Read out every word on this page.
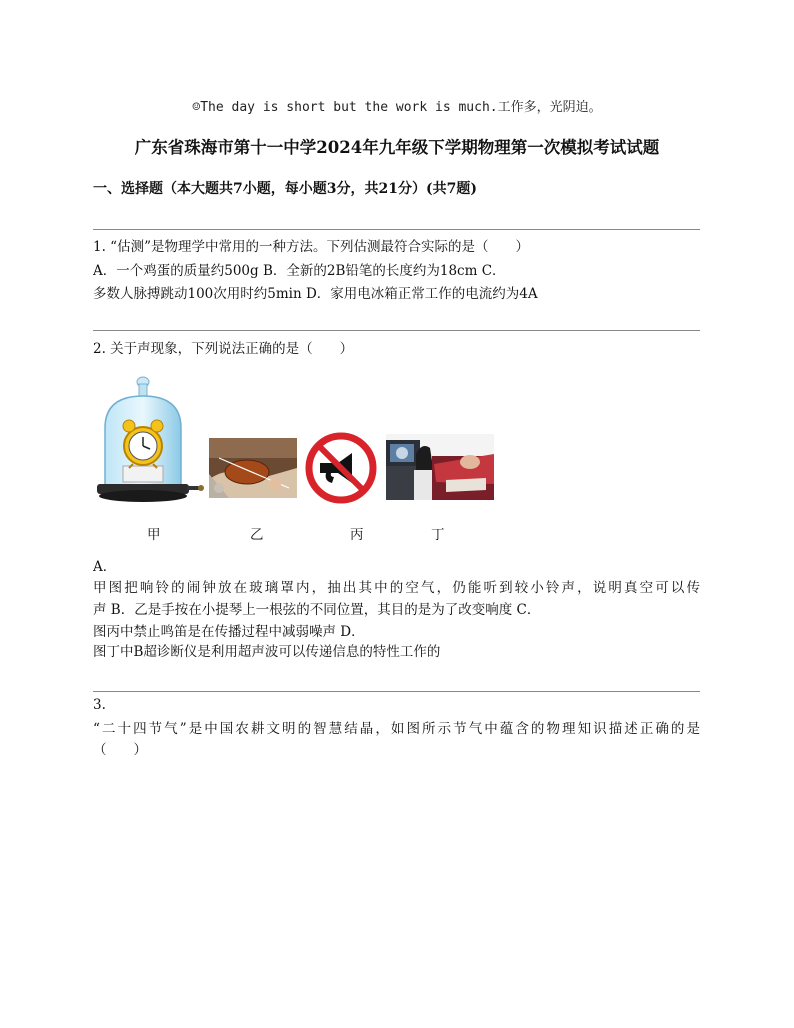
☺The day is short but the work is much.工作多，光阴迫。
广东省珠海市第十一中学2024年九年级下学期物理第一次模拟考试试题
一、选择题（本大题共7小题，每小题3分，共21分）(共7题)
1. “估测”是物理学中常用的一种方法。下列估测最符合实际的是（　　）
A．一个鸡蛋的质量约500g B．全新的2B铅笔的长度约为18cm C．
多数人脉搏跳动100次用时约5min D．家用电冰箱正常工作的电流约为4A
2. 关于声现象，下列说法正确的是（　　）
甲	乙	丙	丁
A．
甲图把响铃的闹钟放在玻璃罩内，抽出其中的空气，仍能听到较小铃声，说明真空可以传
声 B．乙是手按在小提琴上一根弦的不同位置，其目的是为了改变响度 C．
图丙中禁止鸣笛是在传播过程中减弱噪声 D．
图丁中B超诊断仪是利用超声波可以传递信息的特性工作的
3.
“二十四节气”是中国农耕文明的智慧结晶，如图所示节气中蕴含的物理知识描述正确的是
（　　）
